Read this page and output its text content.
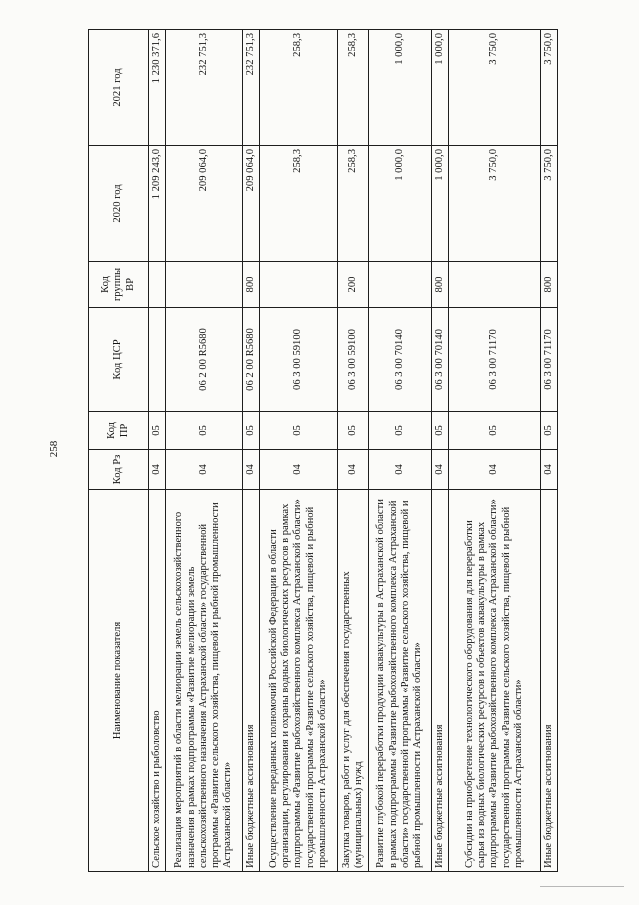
258
Наименование показателя	Код Рз	Код ПР	Код ЦСР	Код группы ВР	2020 год	2021 год
Сельское хозяйство и рыболовство	04	05			1 209 243,0	1 230 371,6
Реализация мероприятий в области мелиорации земель сельскохозяйственного назначения в рамках подпрограммы «Развитие мелиорации земель сельскохозяйственного назначения Астраханской области» государственной программы «Развитие сельского хозяйства, пищевой и рыбной промышленности Астраханской области»	04	05	06 2 00 R5680		209 064,0	232 751,3
Иные бюджетные ассигнования	04	05	06 2 00 R5680	800	209 064,0	232 751,3
Осуществление переданных полномочий Российской Федерации в области организации, регулирования и охраны водных биологических ресурсов в рамках подпрограммы «Развитие рыбохозяйственного комплекса Астраханской области» государственной программы «Развитие сельского хозяйства, пищевой и рыбной промышленности Астраханской области»	04	05	06 3 00 59100		258,3	258,3
Закупка товаров, работ и услуг для обеспечения государственных (муниципальных) нужд	04	05	06 3 00 59100	200	258,3	258,3
Развитие глубокой переработки продукции аквакультуры в Астраханской области в рамках подпрограммы «Развитие рыбохозяйственного комплекса Астраханской области» государственной программы «Развитие сельского хозяйства, пищевой и рыбной промышленности Астраханской области»	04	05	06 3 00 70140		1 000,0	1 000,0
Иные бюджетные ассигнования	04	05	06 3 00 70140	800	1 000,0	1 000,0
Субсидии на приобретение технологического оборудования для переработки сырья из водных биологических ресурсов и объектов аквакультуры в рамках подпрограммы «Развитие рыбохозяйственного комплекса Астраханской области» государственной программы «Развитие сельского хозяйства, пищевой и рыбной промышленности Астраханской области»	04	05	06 3 00 71170		3 750,0	3 750,0
Иные бюджетные ассигнования	04	05	06 3 00 71170	800	3 750,0	3 750,0
